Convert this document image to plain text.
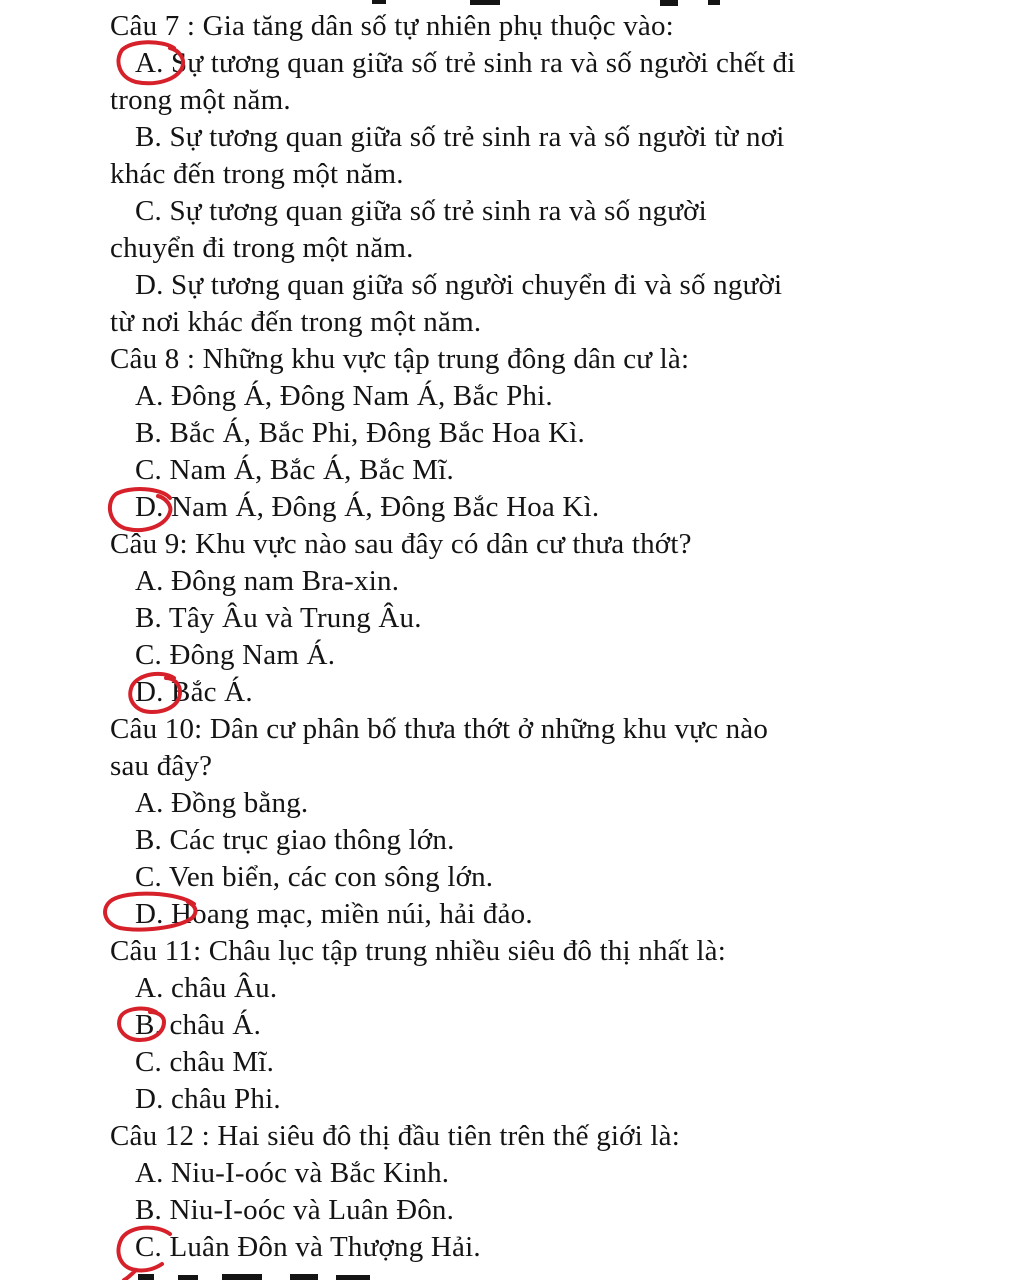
Câu 7 : Gia tăng dân số tự nhiên phụ thuộc vào:
A. Sự tương quan giữa số trẻ sinh ra và số người chết đi
trong một năm.
B. Sự tương quan giữa số trẻ sinh ra và số người từ nơi
khác đến trong một năm.
C. Sự tương quan giữa số trẻ sinh ra và số người
chuyển đi trong một năm.
D. Sự tương quan giữa số người chuyển đi và số người
từ nơi khác đến trong một năm.
Câu 8 : Những khu vực tập trung đông dân cư là:
A. Đông Á, Đông Nam Á, Bắc Phi.
B. Bắc Á, Bắc Phi, Đông Bắc Hoa Kì.
C. Nam Á, Bắc Á, Bắc Mĩ.
D. Nam Á, Đông Á, Đông Bắc Hoa Kì.
Câu 9: Khu vực nào sau đây có dân cư thưa thớt?
A. Đông nam Bra-xin.
B. Tây Âu và Trung Âu.
C. Đông Nam Á.
D. Bắc Á.
Câu 10: Dân cư phân bố thưa thớt ở những khu vực nào
sau đây?
A. Đồng bằng.
B. Các trục giao thông lớn.
C. Ven biển, các con sông lớn.
D. Hoang mạc, miền núi, hải đảo.
Câu 11: Châu lục tập trung nhiều siêu đô thị nhất là:
A. châu Âu.
B. châu Á.
C. châu Mĩ.
D. châu Phi.
Câu 12 : Hai siêu đô thị đầu tiên trên thế giới là:
A. Niu-I-oóc và Bắc Kinh.
B. Niu-I-oóc và Luân Đôn.
C. Luân Đôn và Thượng Hải.
